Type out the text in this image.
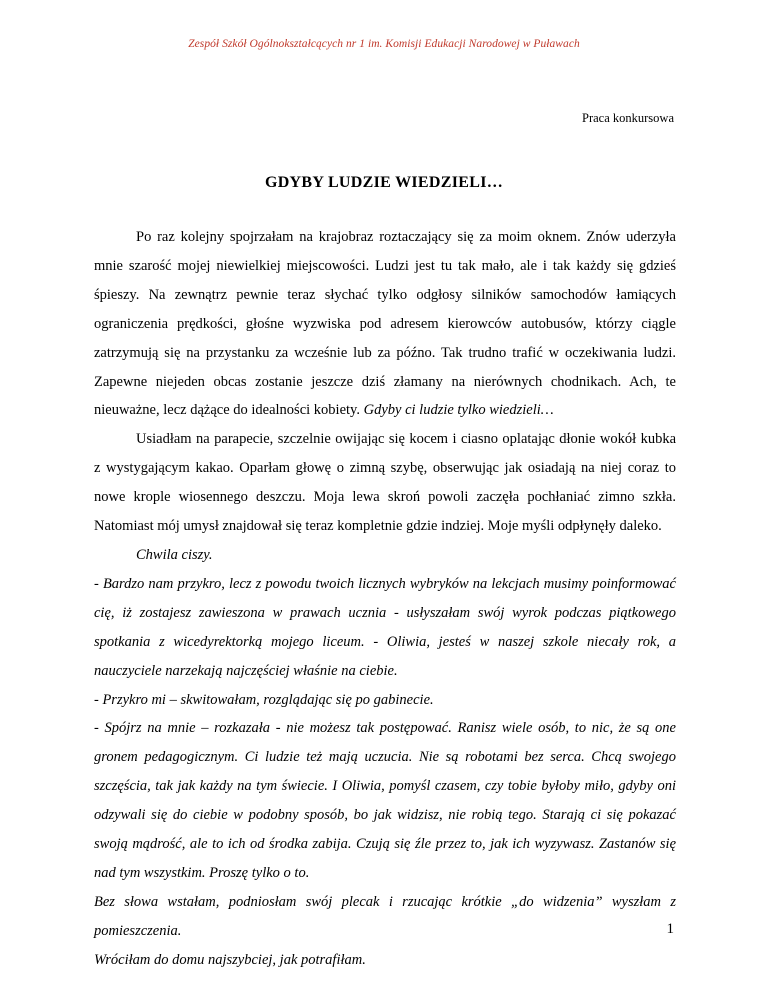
Zespół Szkół Ogólnokształcących nr 1 im. Komisji Edukacji Narodowej w Puławach
Praca konkursowa
GDYBY LUDZIE WIEDZIELI…

Po raz kolejny spojrzałam na krajobraz roztaczający się za moim oknem. Znów uderzyła mnie szarość mojej niewielkiej miejscowości. Ludzi jest tu tak mało, ale i tak każdy się gdzieś śpieszy. Na zewnątrz pewnie teraz słychać tylko odgłosy silników samochodów łamiących ograniczenia prędkości, głośne wyzwiska pod adresem kierowców autobusów, którzy ciągle zatrzymują się na przystanku za wcześnie lub za późno. Tak trudno trafić w oczekiwania ludzi. Zapewne niejeden obcas zostanie jeszcze dziś złamany na nierównych chodnikach. Ach, te nieuważne, lecz dążące do idealności kobiety. Gdyby ci ludzie tylko wiedzieli…

Usiadłam na parapecie, szczelnie owijając się kocem i ciasno oplatając dłonie wokół kubka z wystygającym kakao. Oparłam głowę o zimną szybę, obserwując jak osiadają na niej coraz to nowe krople wiosennego deszczu. Moja lewa skroń powoli zaczęła pochłaniać zimno szkła. Natomiast mój umysł znajdował się teraz kompletnie gdzie indziej. Moje myśli odpłynęły daleko.

Chwila ciszy.

- Bardzo nam przykro, lecz z powodu twoich licznych wybryków na lekcjach musimy poinformować cię, iż zostajesz zawieszona w prawach ucznia - usłyszałam swój wyrok podczas piątkowego spotkania z wicedyrektorką mojego liceum. - Oliwia, jesteś w naszej szkole niecały rok, a nauczyciele narzekają najczęściej właśnie na ciebie.

- Przykro mi – skwitowałam, rozglądając się po gabinecie.

- Spójrz na mnie – rozkazała - nie możesz tak postępować. Ranisz wiele osób, to nic, że są one gronem pedagogicznym. Ci ludzie też mają uczucia. Nie są robotami bez serca. Chcą swojego szczęścia, tak jak każdy na tym świecie. I Oliwia, pomyśl czasem, czy tobie byłoby miło, gdyby oni odzywali się do ciebie w podobny sposób, bo jak widzisz, nie robią tego. Starają ci się pokazać swoją mądrość, ale to ich od środka zabija. Czują się źle przez to, jak ich wyzywasz. Zastanów się nad tym wszystkim. Proszę tylko o to.

Bez słowa wstałam, podniosłam swój plecak i rzucając krótkie „do widzenia” wyszłam z pomieszczenia.

Wróciłam do domu najszybciej, jak potrafiłam.

1
